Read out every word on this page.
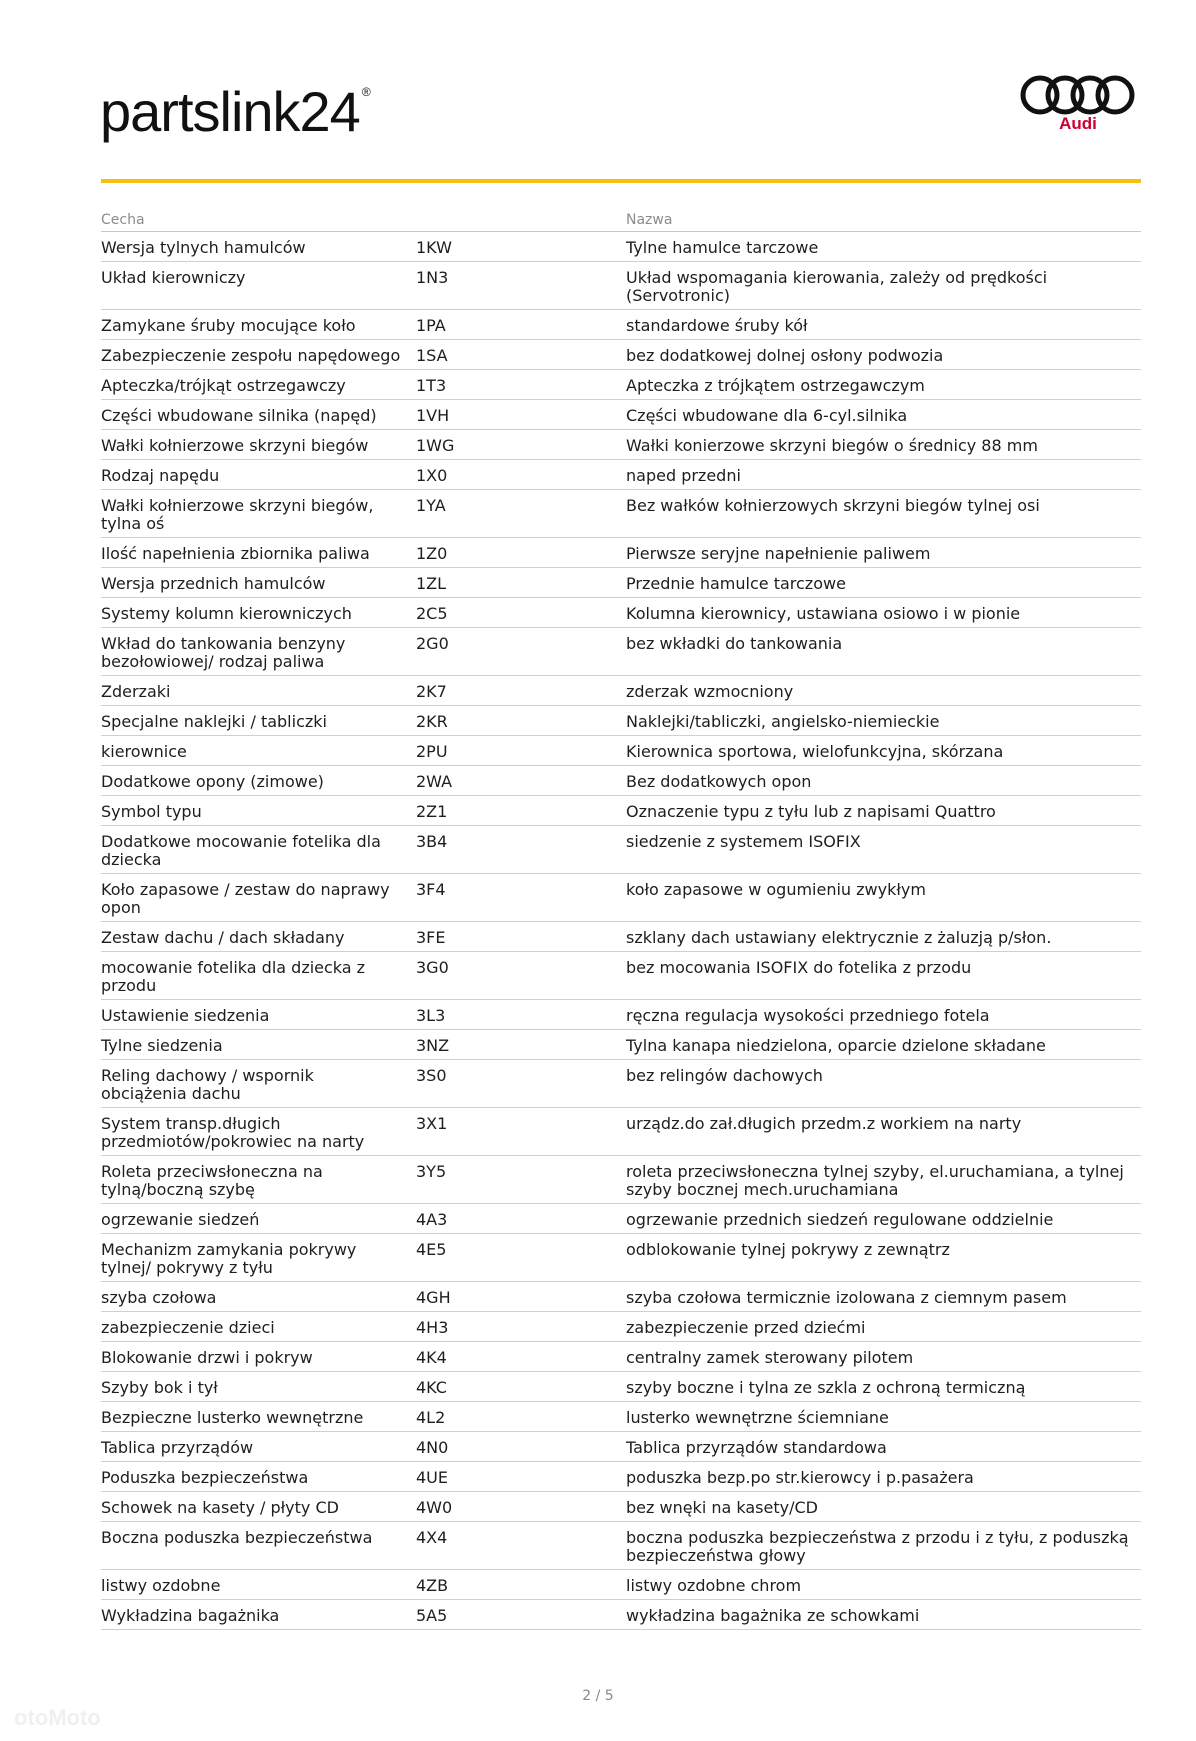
partslink24 ®
Audi
Cecha		Nazwa
Wersja tylnych hamulców	1KW	Tylne hamulce tarczowe
Układ kierowniczy	1N3	Układ wspomagania kierowania, zależy od prędkości (Servotronic)
Zamykane śruby mocujące koło	1PA	standardowe śruby kół
Zabezpieczenie zespołu napędowego	1SA	bez dodatkowej dolnej osłony podwozia
Apteczka/trójkąt ostrzegawczy	1T3	Apteczka z trójkątem ostrzegawczym
Części wbudowane silnika (napęd)	1VH	Części wbudowane dla 6-cyl.silnika
Wałki kołnierzowe skrzyni biegów	1WG	Wałki konierzowe skrzyni biegów o średnicy 88 mm
Rodzaj napędu	1X0	naped przedni
Wałki kołnierzowe skrzyni biegów, tylna oś	1YA	Bez wałków kołnierzowych skrzyni biegów tylnej osi
Ilość napełnienia zbiornika paliwa	1Z0	Pierwsze seryjne napełnienie paliwem
Wersja przednich hamulców	1ZL	Przednie hamulce tarczowe
Systemy kolumn kierowniczych	2C5	Kolumna kierownicy, ustawiana osiowo i w pionie
Wkład do tankowania benzyny bezołowiowej/ rodzaj paliwa	2G0	bez wkładki do tankowania
Zderzaki	2K7	zderzak wzmocniony
Specjalne naklejki / tabliczki	2KR	Naklejki/tabliczki, angielsko-niemieckie
kierownice	2PU	Kierownica sportowa, wielofunkcyjna, skórzana
Dodatkowe opony (zimowe)	2WA	Bez dodatkowych opon
Symbol typu	2Z1	Oznaczenie typu z tyłu lub z napisami Quattro
Dodatkowe mocowanie fotelika dla dziecka	3B4	siedzenie z systemem ISOFIX
Koło zapasowe / zestaw do naprawy opon	3F4	koło zapasowe w ogumieniu zwykłym
Zestaw dachu / dach składany	3FE	szklany dach ustawiany elektrycznie z żaluzją p/słon.
mocowanie fotelika dla dziecka z przodu	3G0	bez mocowania ISOFIX do fotelika z przodu
Ustawienie siedzenia	3L3	ręczna regulacja wysokości przedniego fotela
Tylne siedzenia	3NZ	Tylna kanapa niedzielona, oparcie dzielone składane
Reling dachowy / wspornik obciążenia dachu	3S0	bez relingów dachowych
System transp.długich przedmiotów/pokrowiec na narty	3X1	urządz.do zał.długich przedm.z workiem na narty
Roleta przeciwsłoneczna na tylną/boczną szybę	3Y5	roleta przeciwsłoneczna tylnej szyby, el.uruchamiana, a tylnej szyby bocznej mech.uruchamiana
ogrzewanie siedzeń	4A3	ogrzewanie przednich siedzeń regulowane oddzielnie
Mechanizm zamykania pokrywy tylnej/ pokrywy z tyłu	4E5	odblokowanie tylnej pokrywy z zewnątrz
szyba czołowa	4GH	szyba czołowa termicznie izolowana z ciemnym pasem
zabezpieczenie dzieci	4H3	zabezpieczenie przed dziećmi
Blokowanie drzwi i pokryw	4K4	centralny zamek sterowany pilotem
Szyby bok i tył	4KC	szyby boczne i tylna ze szkla z ochroną termiczną
Bezpieczne lusterko wewnętrzne	4L2	lusterko wewnętrzne ściemniane
Tablica przyrządów	4N0	Tablica przyrządów standardowa
Poduszka bezpieczeństwa	4UE	poduszka bezp.po str.kierowcy i p.pasażera
Schowek na kasety / płyty CD	4W0	bez wnęki na kasety/CD
Boczna poduszka bezpieczeństwa	4X4	boczna poduszka bezpieczeństwa z przodu i z tyłu, z poduszką bezpieczeństwa głowy
listwy ozdobne	4ZB	listwy ozdobne chrom
Wykładzina bagażnika	5A5	wykładzina bagażnika ze schowkami
2 / 5
otoMoto
